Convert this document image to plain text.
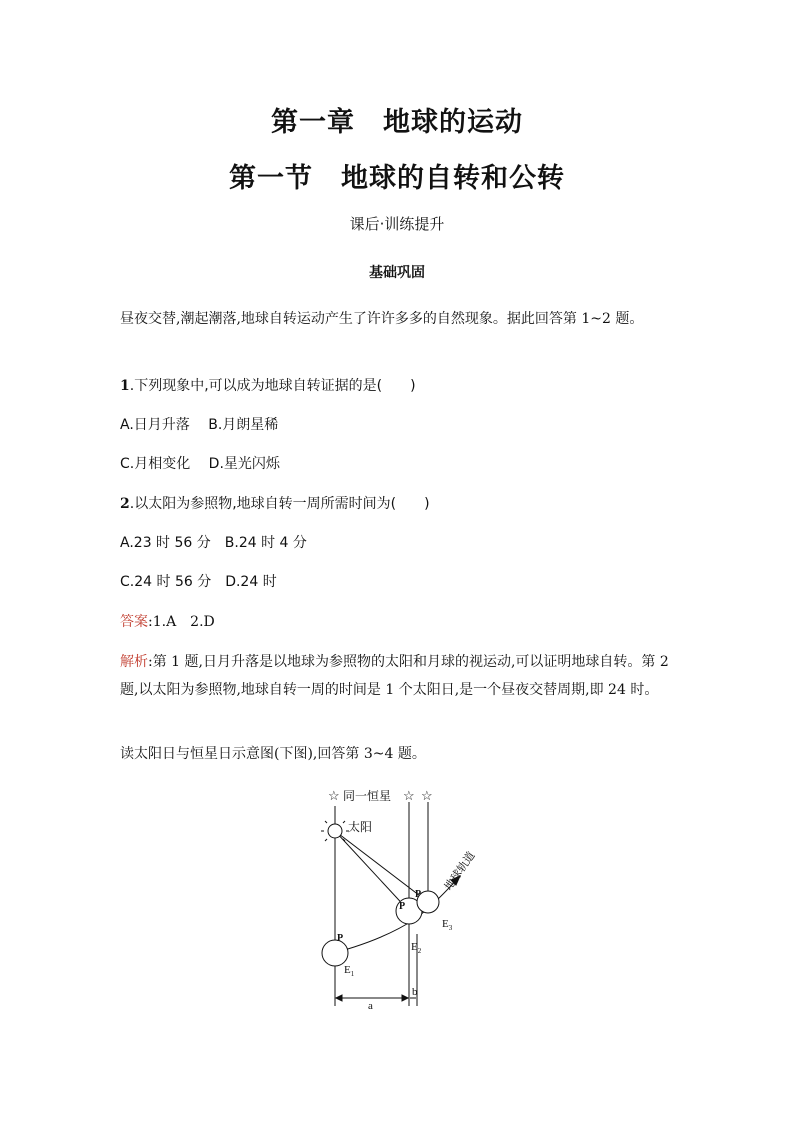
第一章　地球的运动
第一节　地球的自转和公转
课后·训练提升
基础巩固
昼夜交替,潮起潮落,地球自转运动产生了许许多多的自然现象。据此回答第 1~2 题。
1.下列现象中,可以成为地球自转证据的是(　　)
A.日月升落　 B.月朗星稀
C.月相变化　 D.星光闪烁
2.以太阳为参照物,地球自转一周所需时间为(　　)
A.23 时 56 分　B.24 时 4 分
C.24 时 56 分　D.24 时
答案:1.A　2.D
解析:第 1 题,日月升落是以地球为参照物的太阳和月球的视运动,可以证明地球自转。第 2 题,以太阳为参照物,地球自转一周的时间是 1 个太阳日,是一个昼夜交替周期,即 24 时。
读太阳日与恒星日示意图(下图),回答第 3~4 题。
☆	☆ ☆
同一恒星
太阳
地球轨道
P
P
P
$E_1$
$E_2$
$E_3$
a
b
